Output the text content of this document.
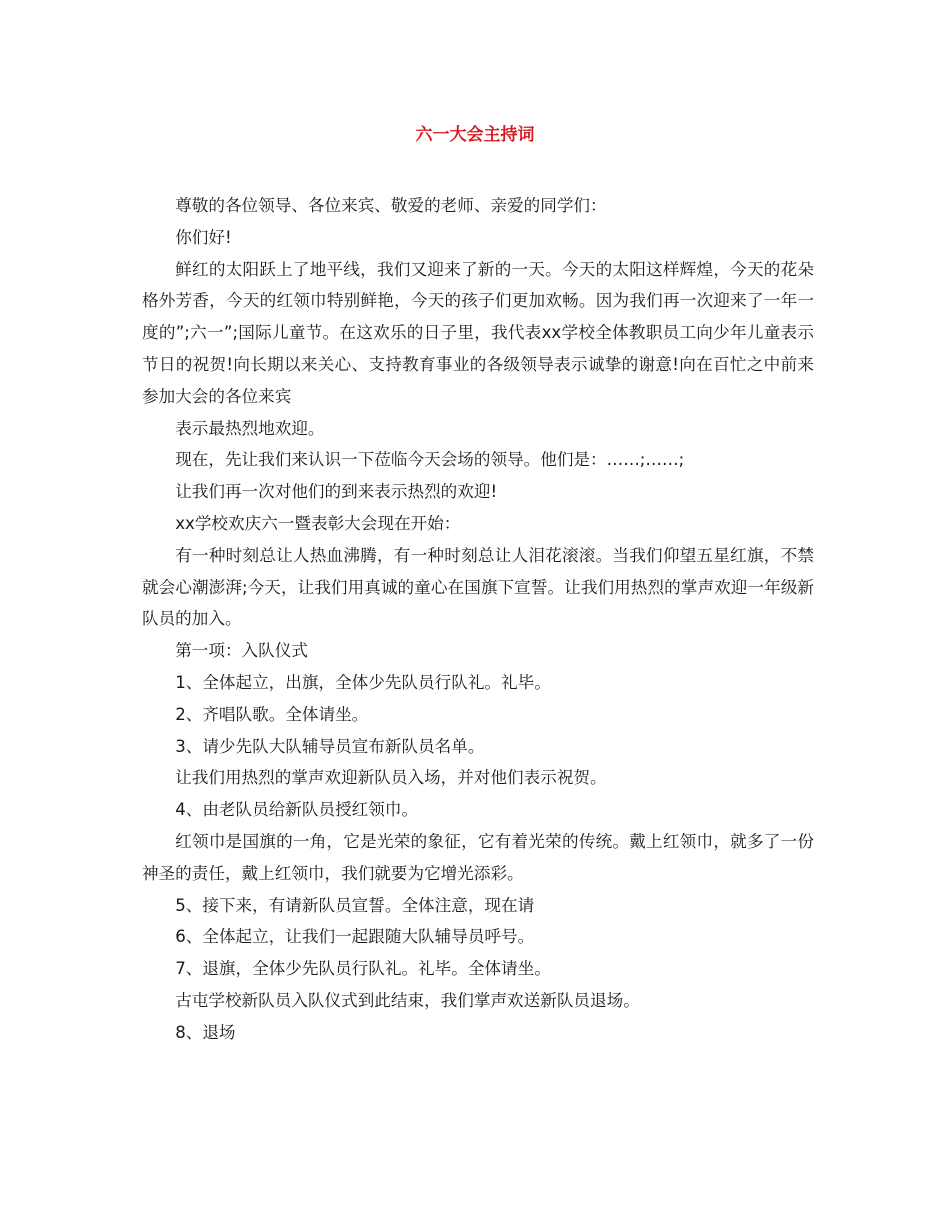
六一大会主持词

尊敬的各位领导、各位来宾、敬爱的老师、亲爱的同学们：

你们好!

鲜红的太阳跃上了地平线，我们又迎来了新的一天。今天的太阳这样辉煌，今天的花朵格外芳香，今天的红领巾特别鲜艳，今天的孩子们更加欢畅。因为我们再一次迎来了一年一度的”;六一”;国际儿童节。在这欢乐的日子里，我代表xx学校全体教职员工向少年儿童表示节日的祝贺!向长期以来关心、支持教育事业的各级领导表示诚挚的谢意!向在百忙之中前来参加大会的各位来宾

表示最热烈地欢迎。

现在，先让我们来认识一下莅临今天会场的领导。他们是：……;……;

让我们再一次对他们的到来表示热烈的欢迎!

xx学校欢庆六一暨表彰大会现在开始：

有一种时刻总让人热血沸腾，有一种时刻总让人泪花滚滚。当我们仰望五星红旗，不禁就会心潮澎湃;今天，让我们用真诚的童心在国旗下宣誓。让我们用热烈的掌声欢迎一年级新队员的加入。

第一项：入队仪式

1、全体起立，出旗，全体少先队员行队礼。礼毕。

2、齐唱队歌。全体请坐。

3、请少先队大队辅导员宣布新队员名单。

让我们用热烈的掌声欢迎新队员入场，并对他们表示祝贺。

4、由老队员给新队员授红领巾。

红领巾是国旗的一角，它是光荣的象征，它有着光荣的传统。戴上红领巾，就多了一份神圣的责任，戴上红领巾，我们就要为它增光添彩。

5、接下来，有请新队员宣誓。全体注意，现在请

6、全体起立，让我们一起跟随大队辅导员呼号。

7、退旗，全体少先队员行队礼。礼毕。全体请坐。

古屯学校新队员入队仪式到此结束，我们掌声欢送新队员退场。

8、退场
